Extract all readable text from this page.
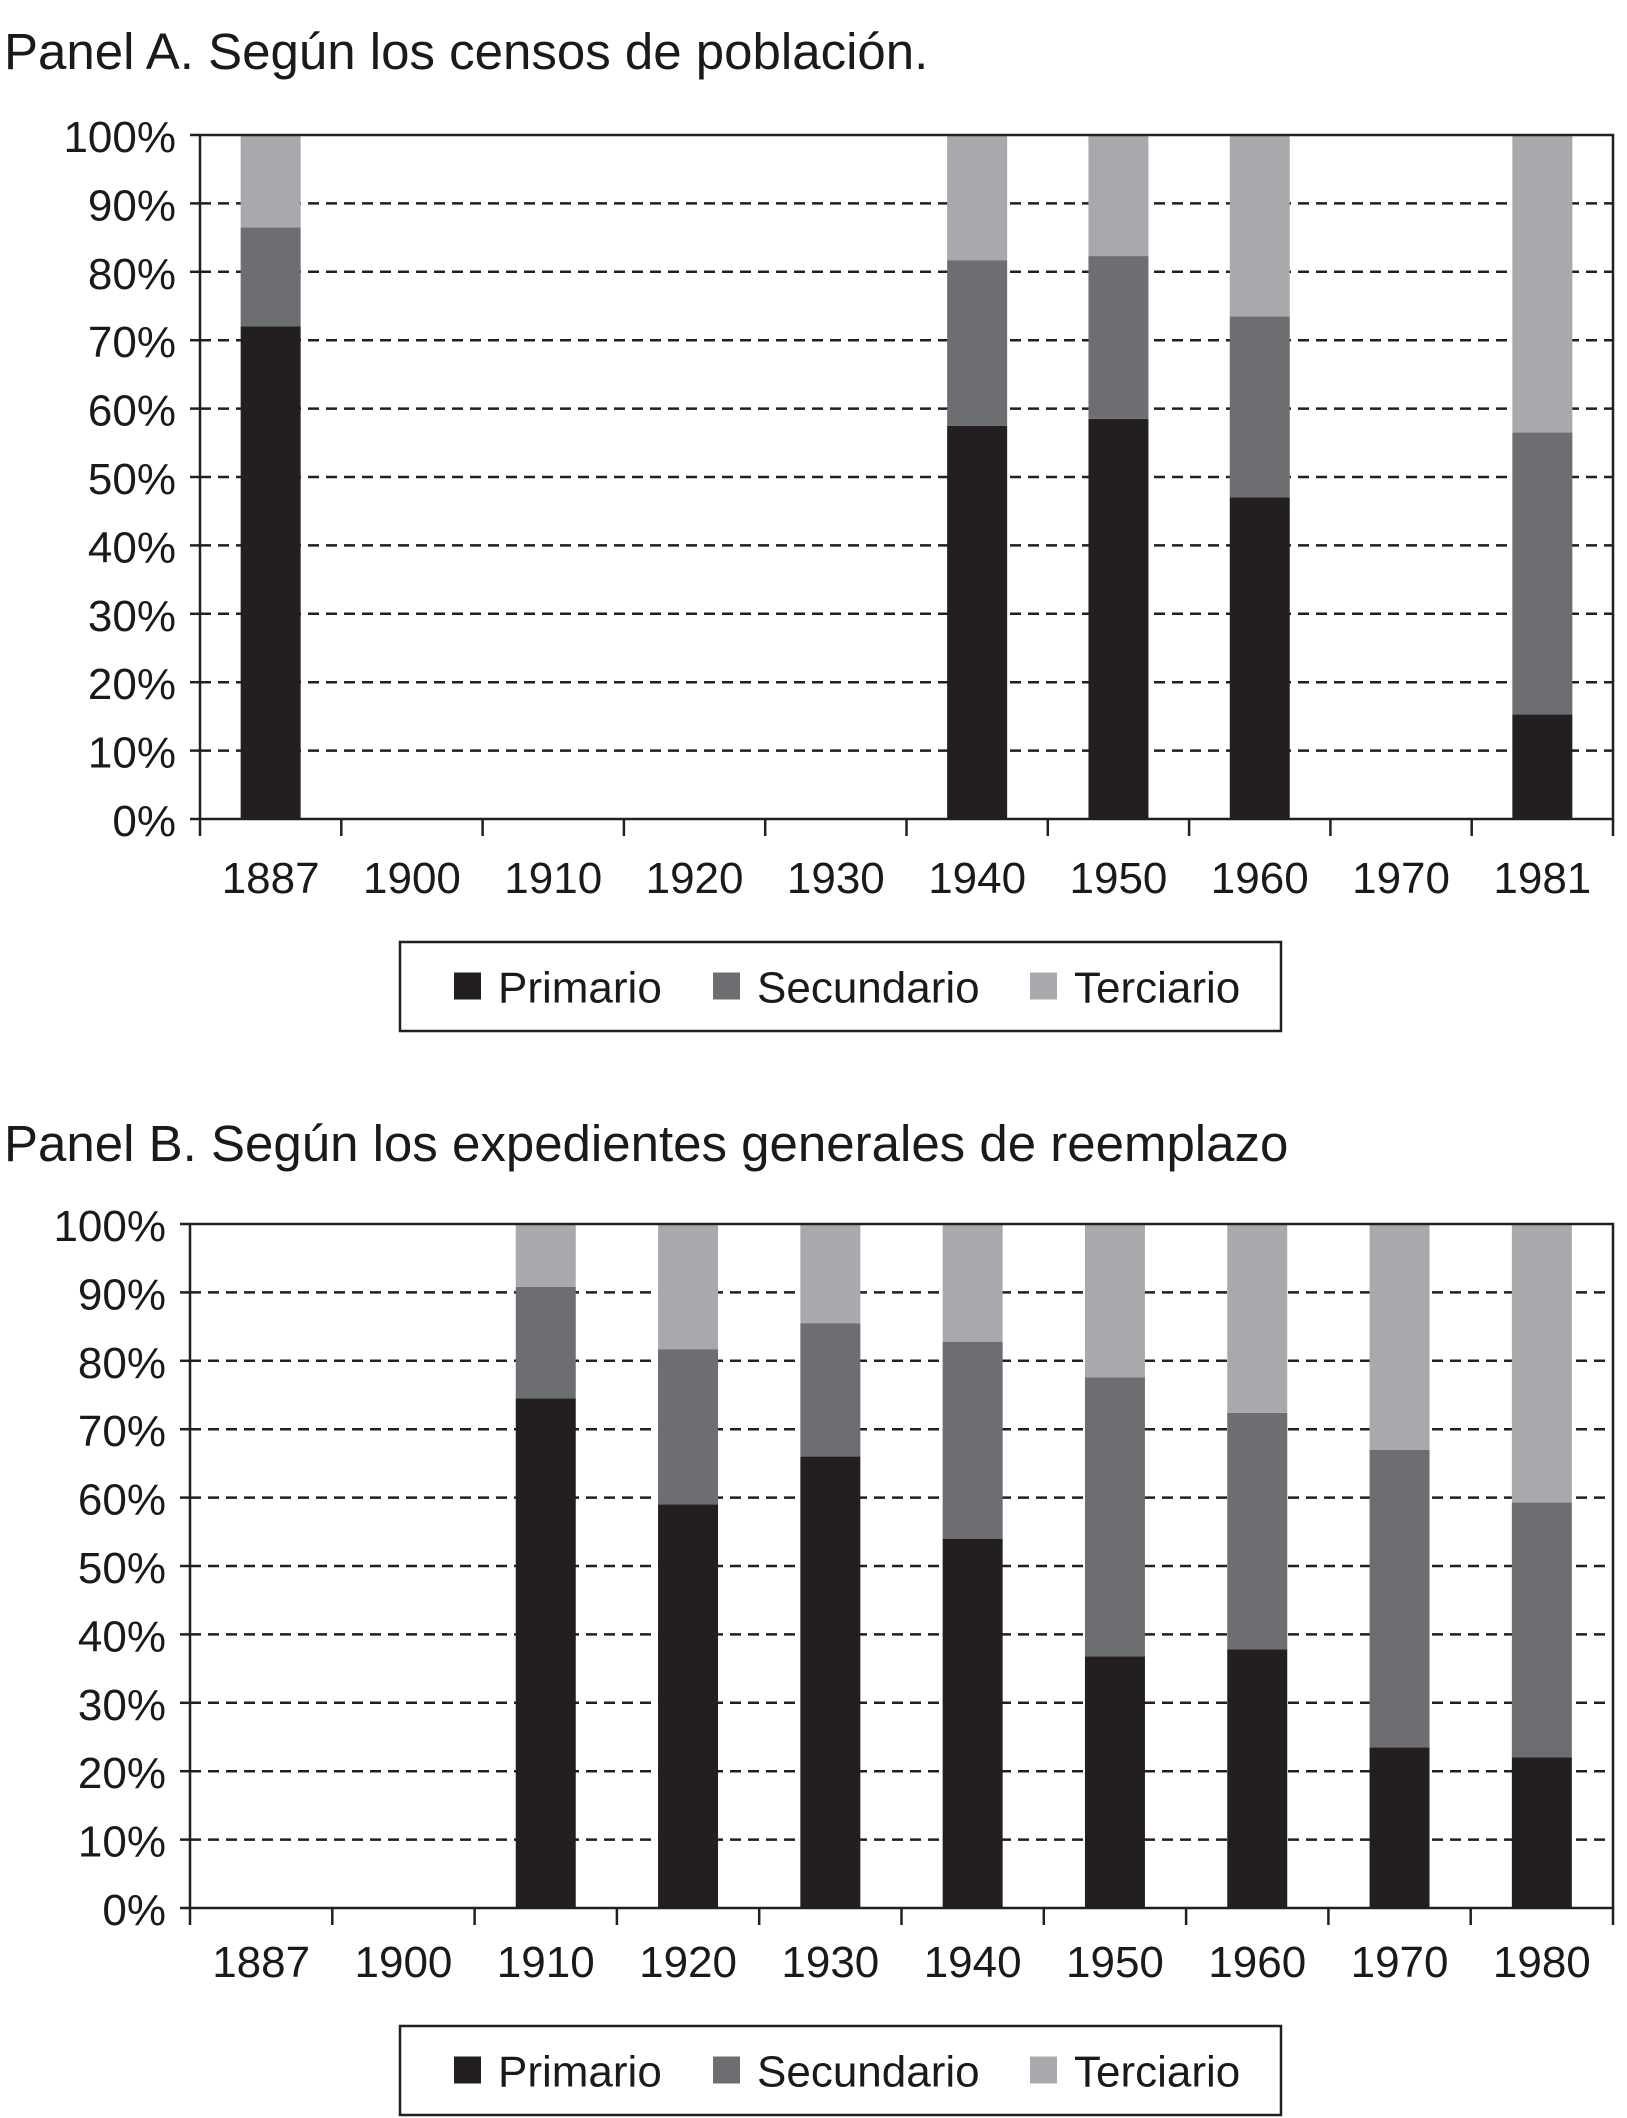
Panel A. Según los censos de población.
0%
10%
20%
30%
40%
50%
60%
70%
80%
90%
100%
1887 1900 1910 1920 1930 1940 1950 1960 1970 1981
Primario Secundario Terciario
Panel B. Según los expedientes generales de reemplazo
0%
10%
20%
30%
40%
50%
60%
70%
80%
90%
100%
1887 1900 1910 1920 1930 1940 1950 1960 1970 1980
Primario Secundario Terciario
